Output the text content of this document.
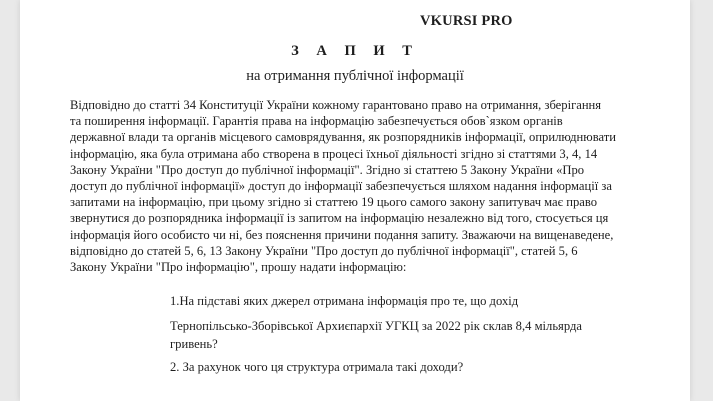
VKURSI PRO
З А П И Т
на отримання публічної інформації
Відповідно до статті 34 Конституції України кожному гарантовано право на отримання, зберігання
та поширення інформації. Гарантія права на інформацію забезпечується обов`язком органів
державної влади та органів місцевого самоврядування, як розпорядників інформації, оприлюднювати
інформацію, яка була отримана або створена в процесі їхньої діяльності згідно зі статтями 3, 4, 14
Закону України "Про доступ до публічної інформації". Згідно зі статтею 5 Закону України «Про
доступ до публічної інформації» доступ до інформації забезпечується шляхом надання інформації за
запитами на інформацію, при цьому згідно зі статтею 19 цього самого закону запитувач має право
звернутися до розпорядника інформації із запитом на інформацію незалежно від того, стосується ця
інформація його особисто чи ні, без пояснення причини подання запиту. Зважаючи на вищенаведене,
відповідно до статей 5, 6, 13 Закону України "Про доступ до публічної інформації", статей 5, 6
Закону України "Про інформацію", прошу надати інформацію:
1.На підставі яких джерел отримана інформація про те, що дохід
Тернопільсько-Зборівської Архиєпархії УГКЦ за 2022 рік склав 8,4 мільярда
гривень?
2. За рахунок чого ця структура отримала такі доходи?
